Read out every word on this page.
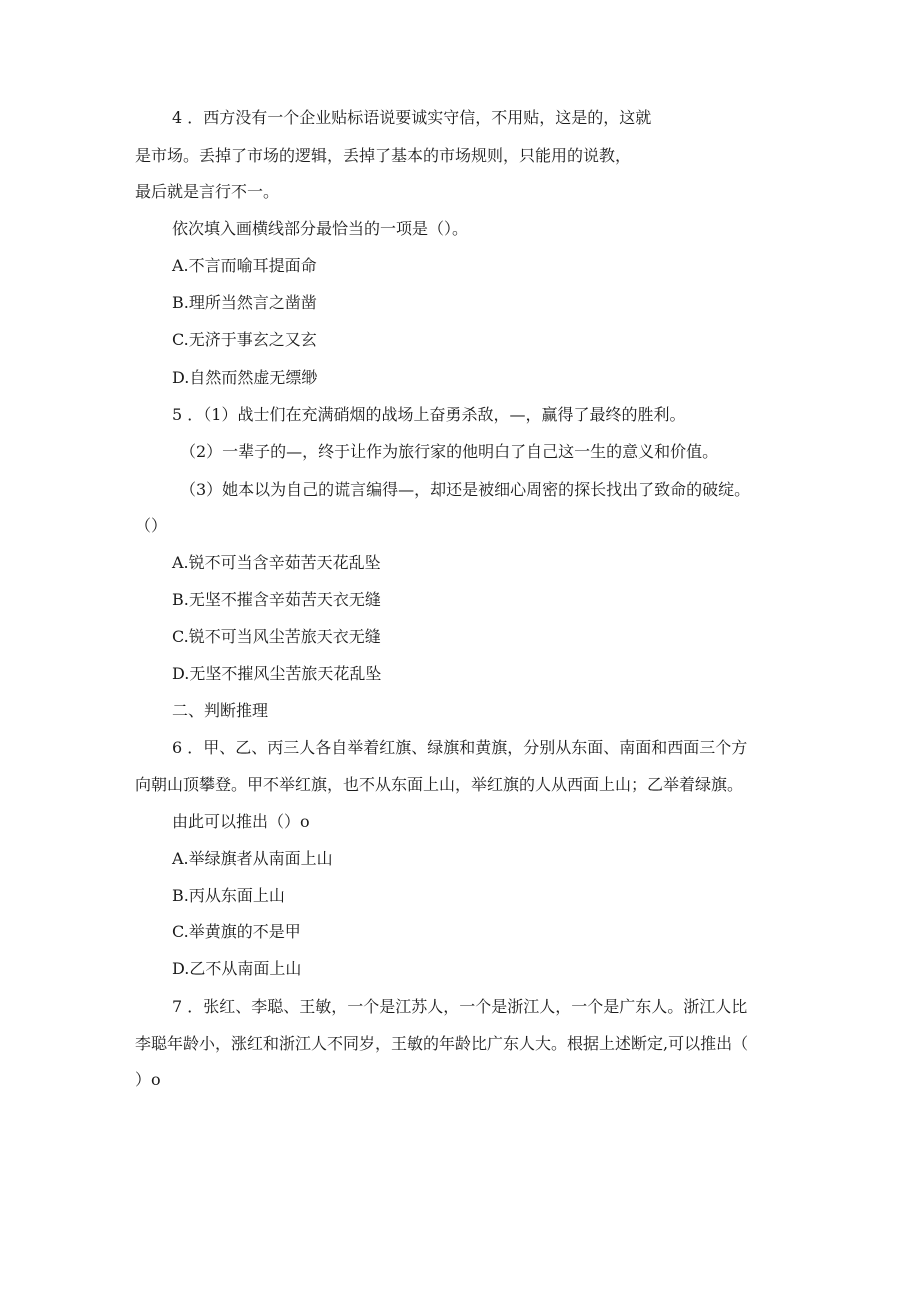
4 ．西方没有一个企业贴标语说要诚实守信，不用贴，这是的，这就
是市场。丢掉了市场的逻辑，丢掉了基本的市场规则，只能用的说教，
最后就是言行不一。
依次填入画横线部分最恰当的一项是（）。
A.不言而喻耳提面命
B.理所当然言之凿凿
C.无济于事玄之又玄
D.自然而然虚无缥缈
5 ．（1）战士们在充满硝烟的战场上奋勇杀敌，—，赢得了最终的胜利。
（2）一辈子的—，终于让作为旅行家的他明白了自己这一生的意义和价值。
（3）她本以为自己的谎言编得—，却还是被细心周密的探长找出了致命的破绽。
（）
A.锐不可当含辛茹苦天花乱坠
B.无坚不摧含辛茹苦天衣无缝
C.锐不可当风尘苦旅天衣无缝
D.无坚不摧风尘苦旅天花乱坠
二、判断推理
6 ．甲、乙、丙三人各自举着红旗、绿旗和黄旗，分别从东面、南面和西面三个方
向朝山顶攀登。甲不举红旗，也不从东面上山，举红旗的人从西面上山；乙举着绿旗。
由此可以推出（）o
A.举绿旗者从南面上山
B.丙从东面上山
C.举黄旗的不是甲
D.乙不从南面上山
7 ．张红、李聪、王敏，一个是江苏人，一个是浙江人，一个是广东人。浙江人比
李聪年龄小，涨红和浙江人不同岁，王敏的年龄比广东人大。根据上述断定,可以推出（
）o
